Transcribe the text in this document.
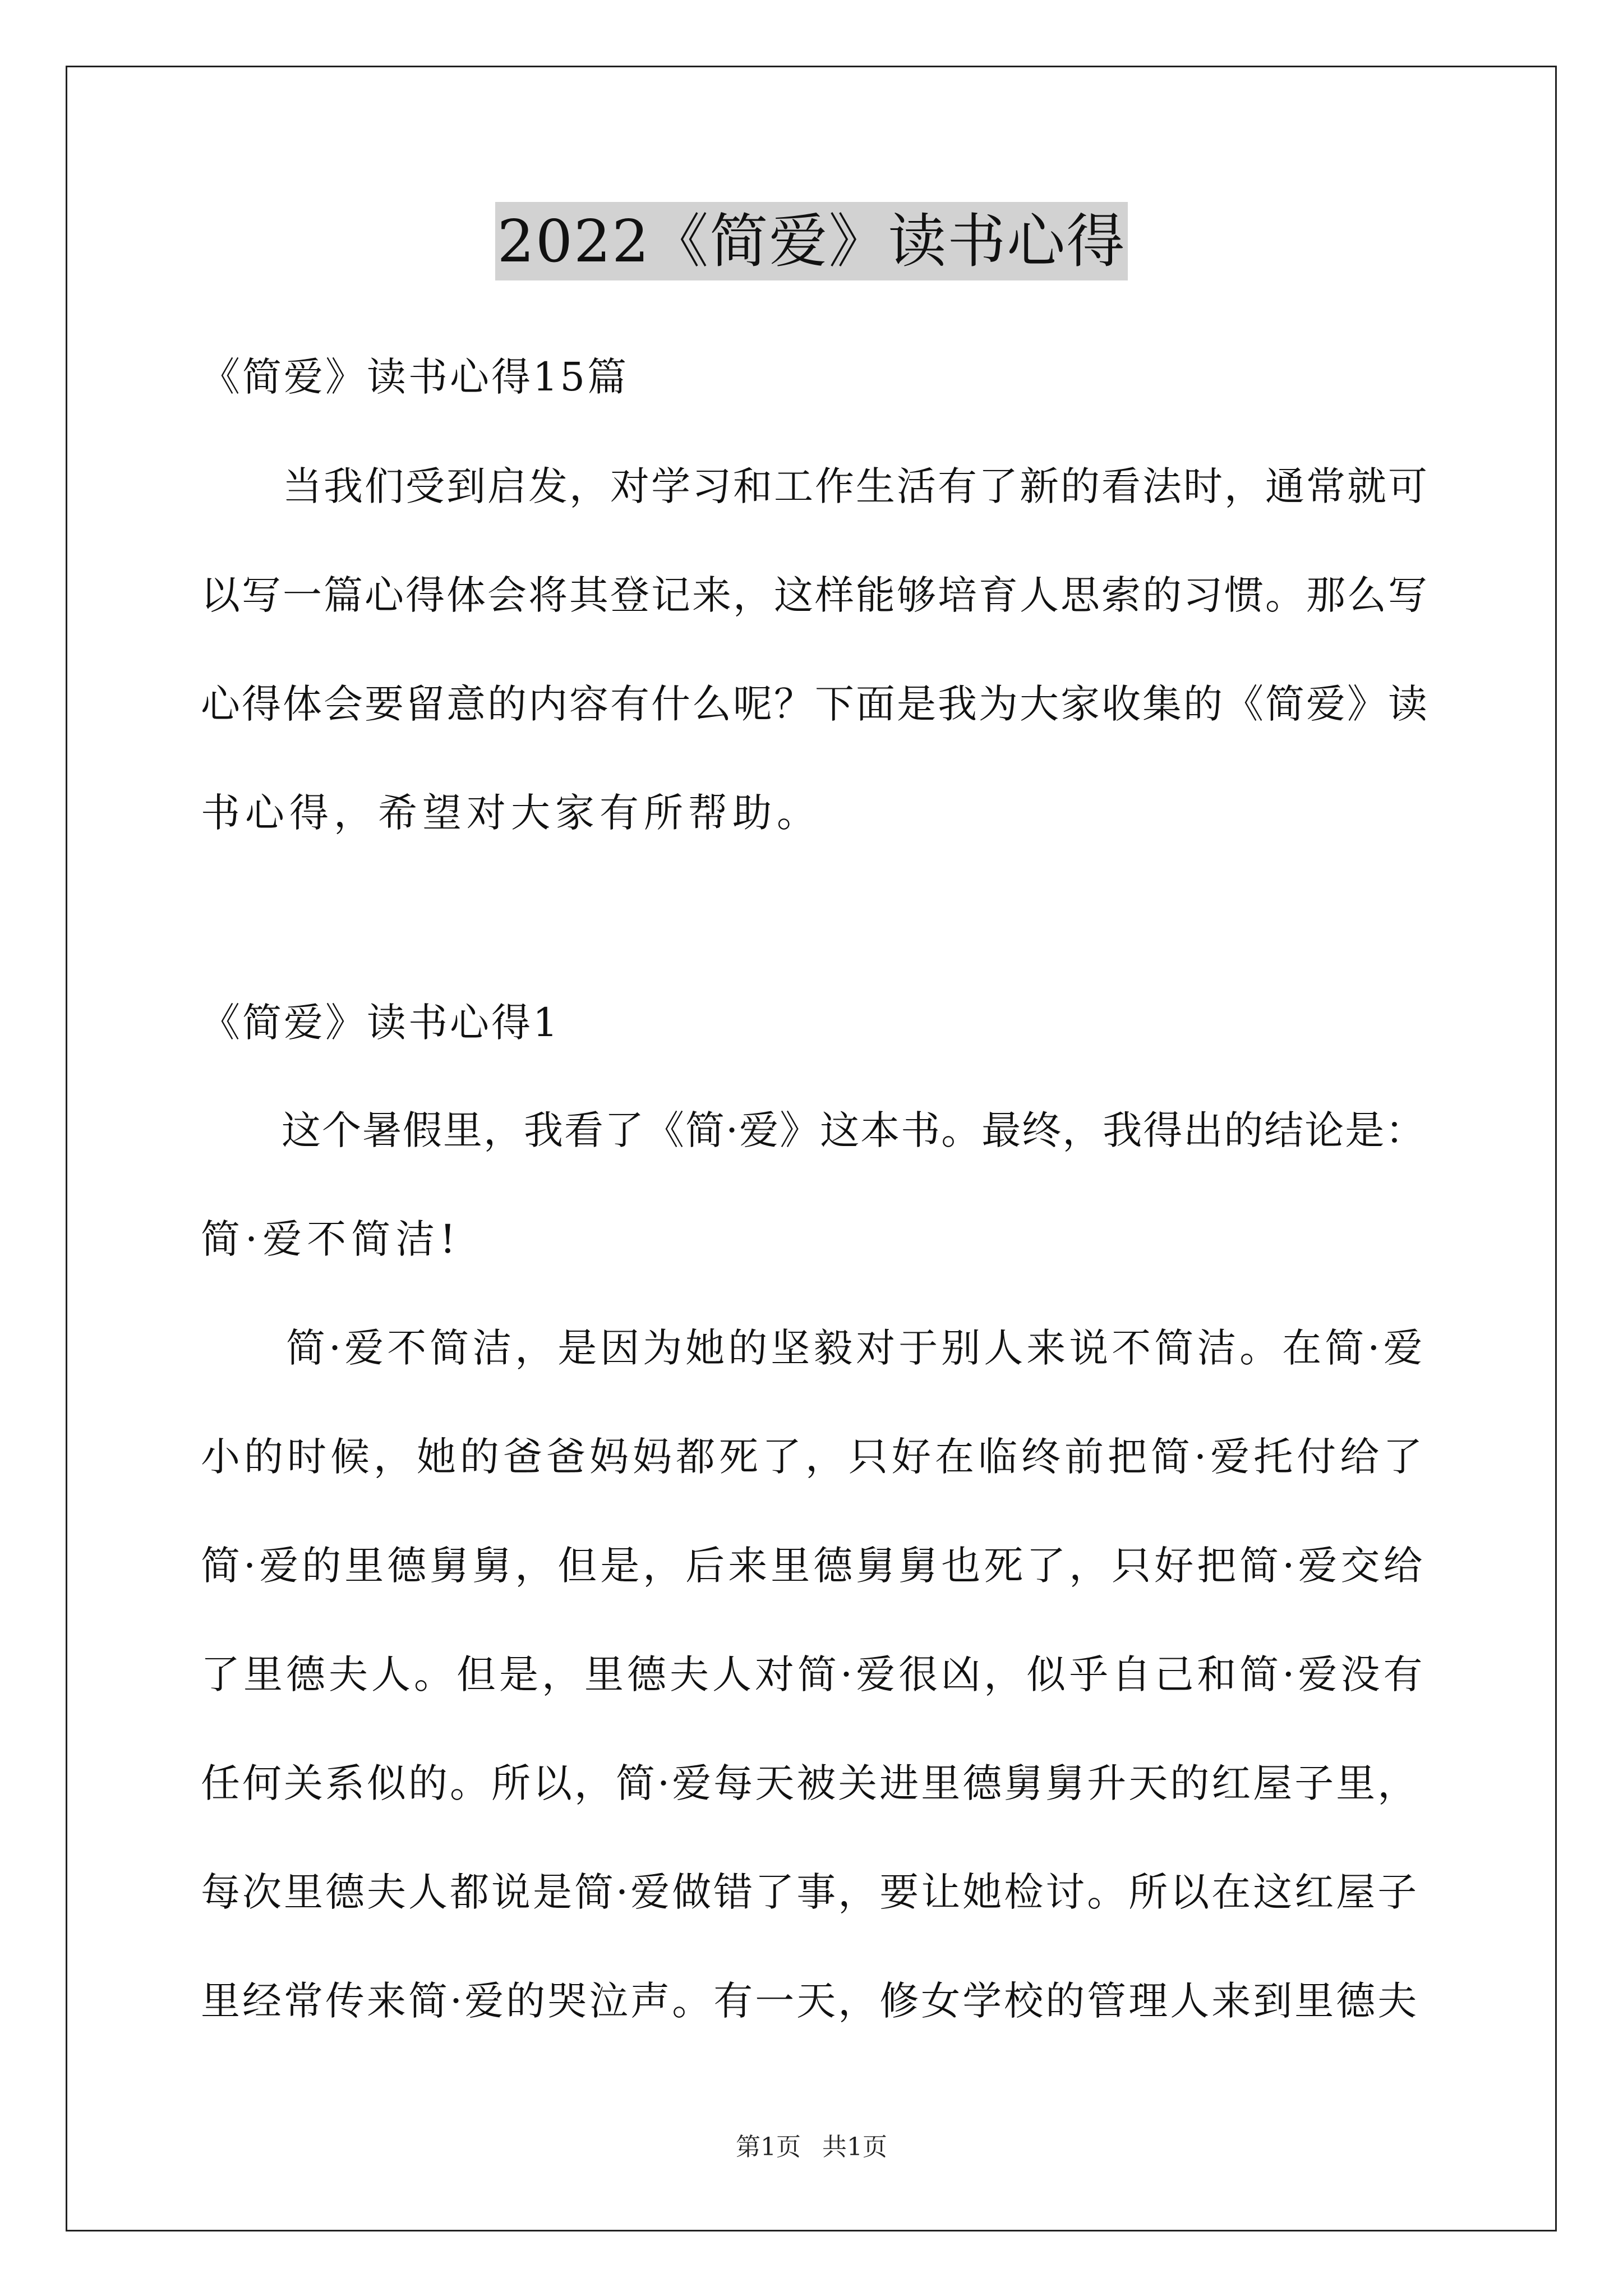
2022《简爱》读书心得
《简爱》读书心得15篇
　　当我们受到启发，对学习和工作生活有了新的看法时，通常就可
以写一篇心得体会将其登记来，这样能够培育人思索的习惯。那么写
心得体会要留意的内容有什么呢？下面是我为大家收集的《简爱》读
书心得，希望对大家有所帮助。
《简爱》读书心得1
　　这个暑假里，我看了《简·爱》这本书。最终，我得出的结论是：
简·爱不简洁!
　　简·爱不简洁，是因为她的坚毅对于别人来说不简洁。在简·爱
小的时候，她的爸爸妈妈都死了，只好在临终前把简·爱托付给了
简·爱的里德舅舅，但是，后来里德舅舅也死了，只好把简·爱交给
了里德夫人。但是，里德夫人对简·爱很凶，似乎自己和简·爱没有
任何关系似的。所以，简·爱每天被关进里德舅舅升天的红屋子里，
每次里德夫人都说是简·爱做错了事，要让她检讨。所以在这红屋子
里经常传来简·爱的哭泣声。有一天，修女学校的管理人来到里德夫
第1页 共1页
